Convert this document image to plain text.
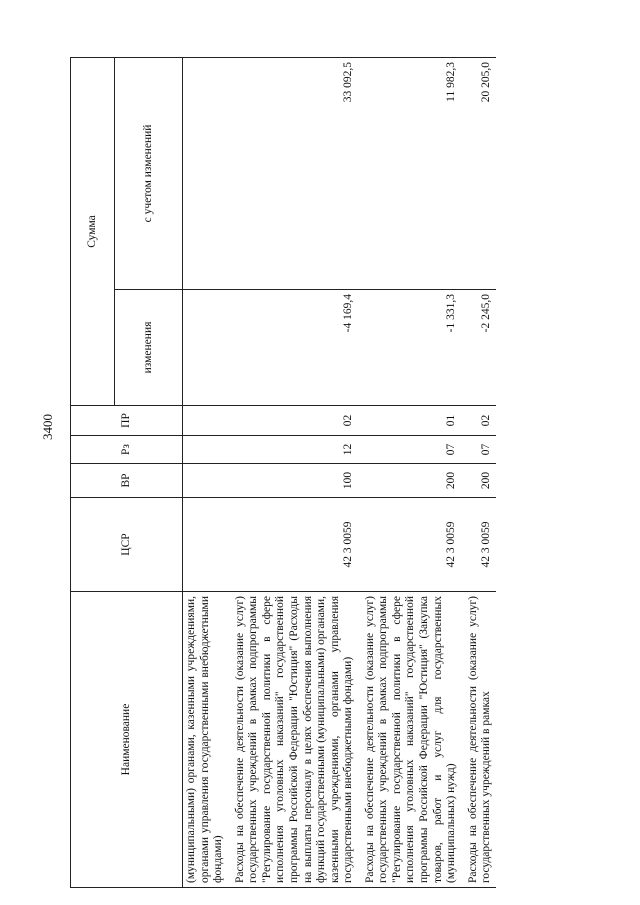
3400
Наименование	ЦСР	ВР	Рз	ПР	Сумма	
					изменения	с учетом изменений
(муниципальными) органами, казенными учреждениями, органами управления государственными внебюджетными фондами)						
Расходы на обеспечение деятельности (оказание услуг) государственных учреждений в рамках подпрограммы "Регулирование государственной политики в сфере исполнения уголовных наказаний" государственной программы Российской Федерации "Юстиция" (Расходы на выплаты персоналу в целях обеспечения выполнения функций государственными (муниципальными) органами, казенными учреждениями, органами управления государственными внебюджетными фондами)	42 3 0059	100	12	02	-4 169,4	33 092,5
Расходы на обеспечение деятельности (оказание услуг) государственных учреждений в рамках подпрограммы "Регулирование государственной политики в сфере исполнения уголовных наказаний" государственной программы Российской Федерации "Юстиция" (Закупка товаров, работ и услуг для государственных (муниципальных) нужд)	42 3 0059	200	07	01	-1 331,3	11 982,3
Расходы на обеспечение деятельности (оказание услуг) государственных учреждений в рамках	42 3 0059	200	07	02	-2 245,0	20 205,0
